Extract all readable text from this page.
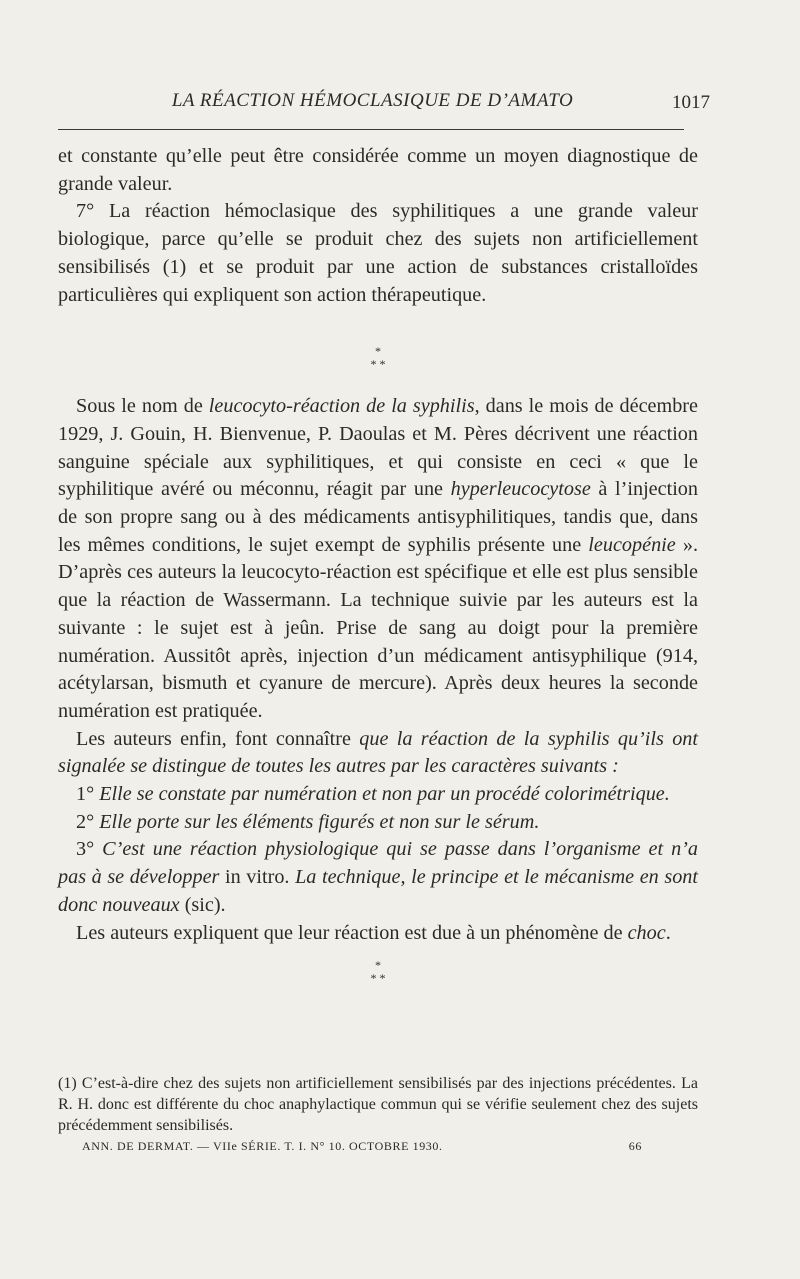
LA RÉACTION HÉMOCLASIQUE DE D’AMATO	1017

et constante qu’elle peut être considérée comme un moyen diagnostique de grande valeur.

7° La réaction hémoclasique des syphilitiques a une grande valeur biologique, parce qu’elle se produit chez des sujets non artificiellement sensibilisés (1) et se produit par une action de substances cristalloïdes particulières qui expliquent son action thérapeutique.

*
* *

Sous le nom de leucocyto-réaction de la syphilis, dans le mois de décembre 1929, J. Gouin, H. Bienvenue, P. Daoulas et M. Pères décrivent une réaction sanguine spéciale aux syphilitiques, et qui consiste en ceci « que le syphilitique avéré ou méconnu, réagit par une hyperleucocytose à l’injection de son propre sang ou à des médicaments antisyphilitiques, tandis que, dans les mêmes conditions, le sujet exempt de syphilis présente une leucopénie ». D’après ces auteurs la leucocyto-réaction est spécifique et elle est plus sensible que la réaction de Wassermann. La technique suivie par les auteurs est la suivante : le sujet est à jeûn. Prise de sang au doigt pour la première numération. Aussitôt après, injection d’un médicament antisyphilique (914, acétylarsan, bismuth et cyanure de mercure). Après deux heures la seconde numération est pratiquée.

Les auteurs enfin, font connaître que la réaction de la syphilis qu’ils ont signalée se distingue de toutes les autres par les caractères suivants :

1° Elle se constate par numération et non par un procédé colorimétrique.

2° Elle porte sur les éléments figurés et non sur le sérum.

3° C’est une réaction physiologique qui se passe dans l’organisme et n’a pas à se développer in vitro. La technique, le principe et le mécanisme en sont donc nouveaux (sic).

Les auteurs expliquent que leur réaction est due à un phénomène de choc.

*
* *
(1) C’est-à-dire chez des sujets non artificiellement sensibilisés par des injections précédentes. La R. H. donc est différente du choc anaphylactique commun qui se vérifie seulement chez des sujets précédemment sensibilisés.
ANN. DE DERMAT. — VIIe SÉRIE. T. I. N° 10. OCTOBRE 1930.	66
